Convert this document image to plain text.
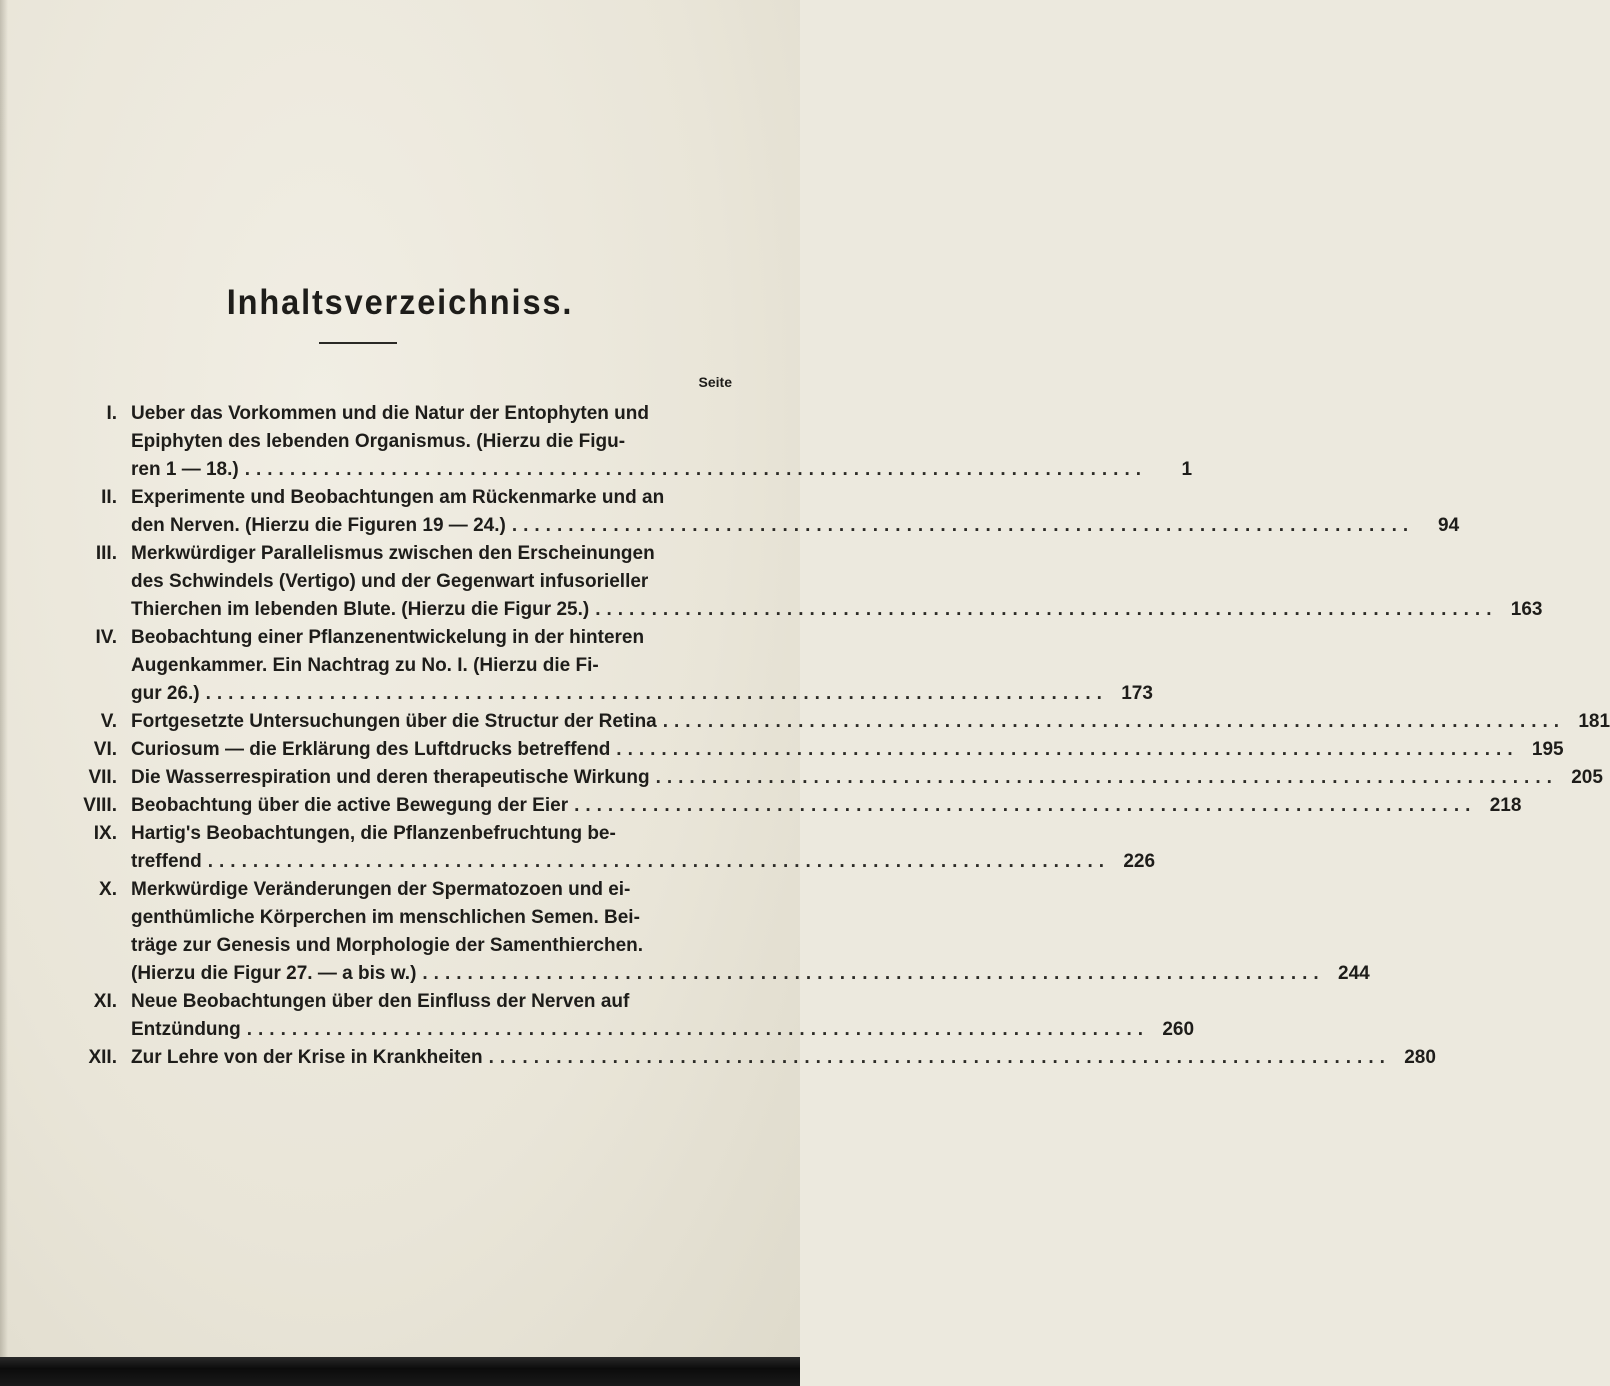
Inhaltsverzeichniss.
Seite
I. Ueber das Vorkommen und die Natur der Entophyten und
Epiphyten des lebenden Organismus. (Hierzu die Figu-
ren 1 — 18.) ................................................................................	1
II. Experimente und Beobachtungen am Rückenmarke und an
den Nerven. (Hierzu die Figuren 19 — 24.) ................................................................................	94
III. Merkwürdiger Parallelismus zwischen den Erscheinungen
des Schwindels (Vertigo) und der Gegenwart infusorieller
Thierchen im lebenden Blute. (Hierzu die Figur 25.) ................................................................................ 163
IV. Beobachtung einer Pflanzenentwickelung in der hinteren
Augenkammer. Ein Nachtrag zu No. I. (Hierzu die Fi-
gur 26.) ................................................................................ 173
V. Fortgesetzte Untersuchungen über die Structur der Retina ................................................................................ 181
VI. Curiosum — die Erklärung des Luftdrucks betreffend ................................................................................ 195
VII. Die Wasserrespiration und deren therapeutische Wirkung ................................................................................ 205
VIII. Beobachtung über die active Bewegung der Eier ................................................................................ 218
IX. Hartig's Beobachtungen, die Pflanzenbefruchtung be-
treffend ................................................................................ 226
X. Merkwürdige Veränderungen der Spermatozoen und ei-
genthümliche Körperchen im menschlichen Semen. Bei-
träge zur Genesis und Morphologie der Samenthierchen.
(Hierzu die Figur 27. — a bis w.) ................................................................................ 244
XI. Neue Beobachtungen über den Einfluss der Nerven auf
Entzündung ................................................................................ 260
XII. Zur Lehre von der Krise in Krankheiten ................................................................................ 280
